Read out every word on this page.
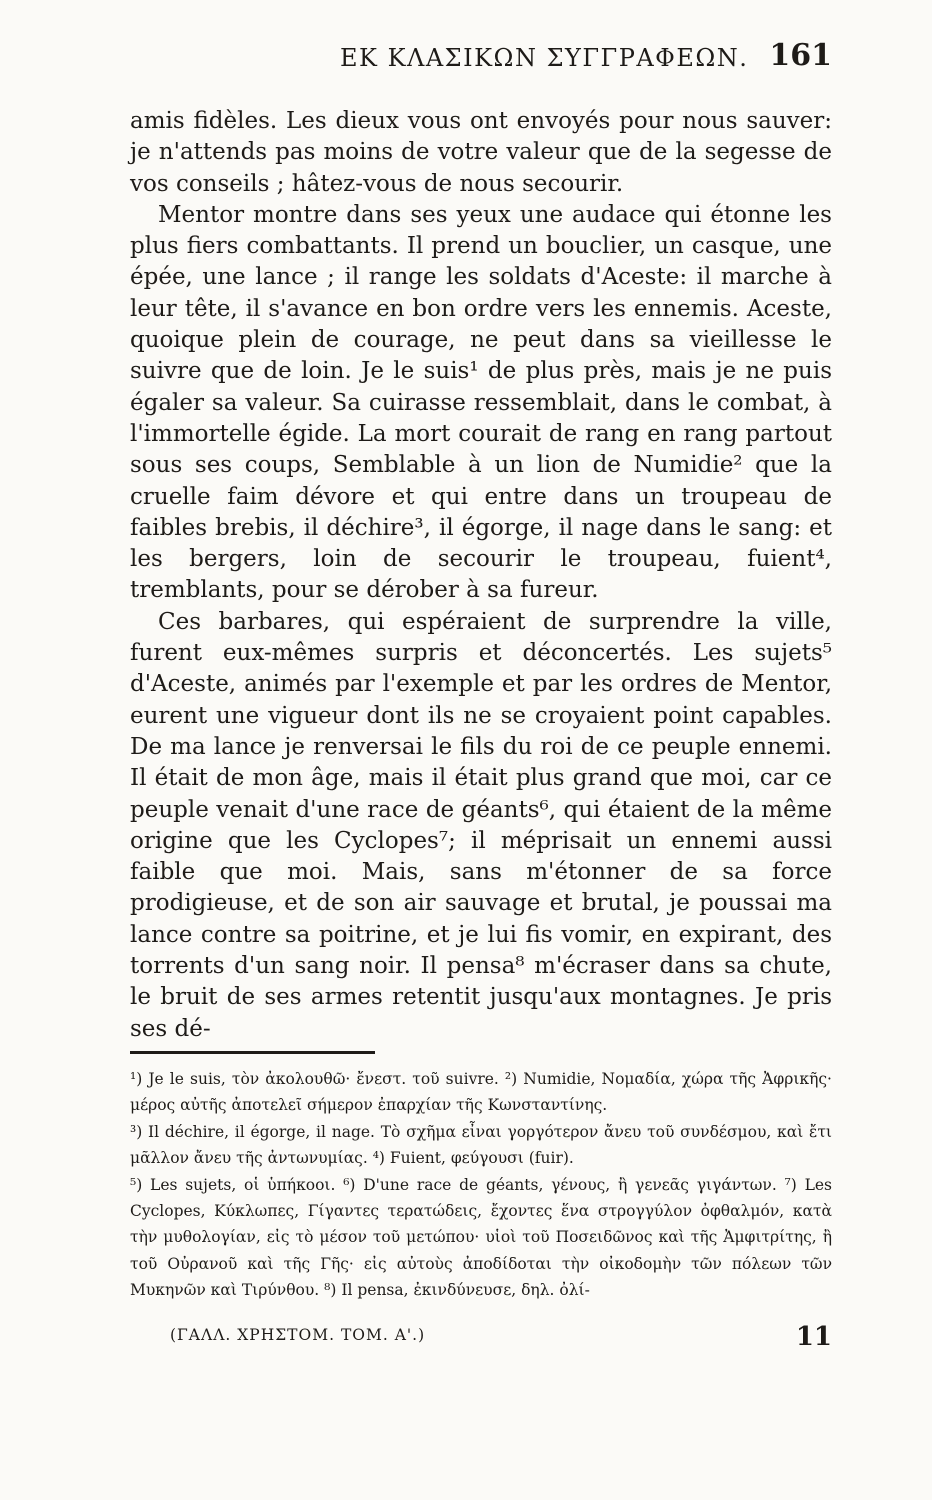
ΕΚ ΚΛΑΣΙΚΩΝ ΣΥΓΓΡΑΦΕΩΝ. 161

amis fidèles. Les dieux vous ont envoyés pour nous sauver: je n'attends pas moins de votre valeur que de la segesse de vos conseils ; hâtez-vous de nous secourir.

Mentor montre dans ses yeux une audace qui étonne les plus fiers combattants. Il prend un bouclier, un casque, une épée, une lance ; il range les soldats d'Aceste: il marche à leur tête, il s'avance en bon ordre vers les ennemis. Aceste, quoique plein de courage, ne peut dans sa vieillesse le suivre que de loin. Je le suis¹ de plus près, mais je ne puis égaler sa valeur. Sa cuirasse ressemblait, dans le combat, à l'immortelle égide. La mort courait de rang en rang partout sous ses coups, Semblable à un lion de Numidie² que la cruelle faim dévore et qui entre dans un troupeau de faibles brebis, il déchire³, il égorge, il nage dans le sang: et les bergers, loin de secourir le troupeau, fuient⁴, tremblants, pour se dérober à sa fureur.

Ces barbares, qui espéraient de surprendre la ville, furent eux-mêmes surpris et déconcertés. Les sujets⁵ d'Aceste, animés par l'exemple et par les ordres de Mentor, eurent une vigueur dont ils ne se croyaient point capables. De ma lance je renversai le fils du roi de ce peuple ennemi. Il était de mon âge, mais il était plus grand que moi, car ce peuple venait d'une race de géants⁶, qui étaient de la même origine que les Cyclopes⁷; il méprisait un ennemi aussi faible que moi. Mais, sans m'étonner de sa force prodigieuse, et de son air sauvage et brutal, je poussai ma lance contre sa poitrine, et je lui fis vomir, en expirant, des torrents d'un sang noir. Il pensa⁸ m'écraser dans sa chute, le bruit de ses armes retentit jusqu'aux montagnes. Je pris ses dé-

¹) Je le suis, τὸν ἀκολουθῶ· ἔνεστ. τοῦ suivre. ²) Numidie, Νομαδία, χώρα τῆς Ἀφρικῆς· μέρος αὐτῆς ἀποτελεῖ σήμερον ἐπαρχίαν τῆς Κωνσταντίνης.

³) Il déchire, il égorge, il nage. Τὸ σχῆμα εἶναι γοργότερον ἄνευ τοῦ συνδέσμου, καὶ ἔτι μᾶλλον ἄνευ τῆς ἀντωνυμίας. ⁴) Fuient, φεύγουσι (fuir).

⁵) Les sujets, οἱ ὑπήκοοι. ⁶) D'une race de géants, γένους, ἢ γενεᾶς γιγάντων. ⁷) Les Cyclopes, Κύκλωπες, Γίγαντες τερατώδεις, ἔχοντες ἕνα στρογγύλον ὀφθαλμόν, κατὰ τὴν μυθολογίαν, εἰς τὸ μέσον τοῦ μετώπου· υἱοὶ τοῦ Ποσειδῶνος καὶ τῆς Ἀμφιτρίτης, ἢ τοῦ Οὐρανοῦ καὶ τῆς Γῆς· εἰς αὐτοὺς ἀποδίδοται τὴν οἰκοδομὴν τῶν πόλεων τῶν Μυκηνῶν καὶ Τιρύνθου. ⁸) Il pensa, ἐκινδύνευσε, δηλ. ὀλί-

(ΓΑΛΛ. ΧΡΗΣΤΟΜ. ΤΟΜ. Α'.)	11
